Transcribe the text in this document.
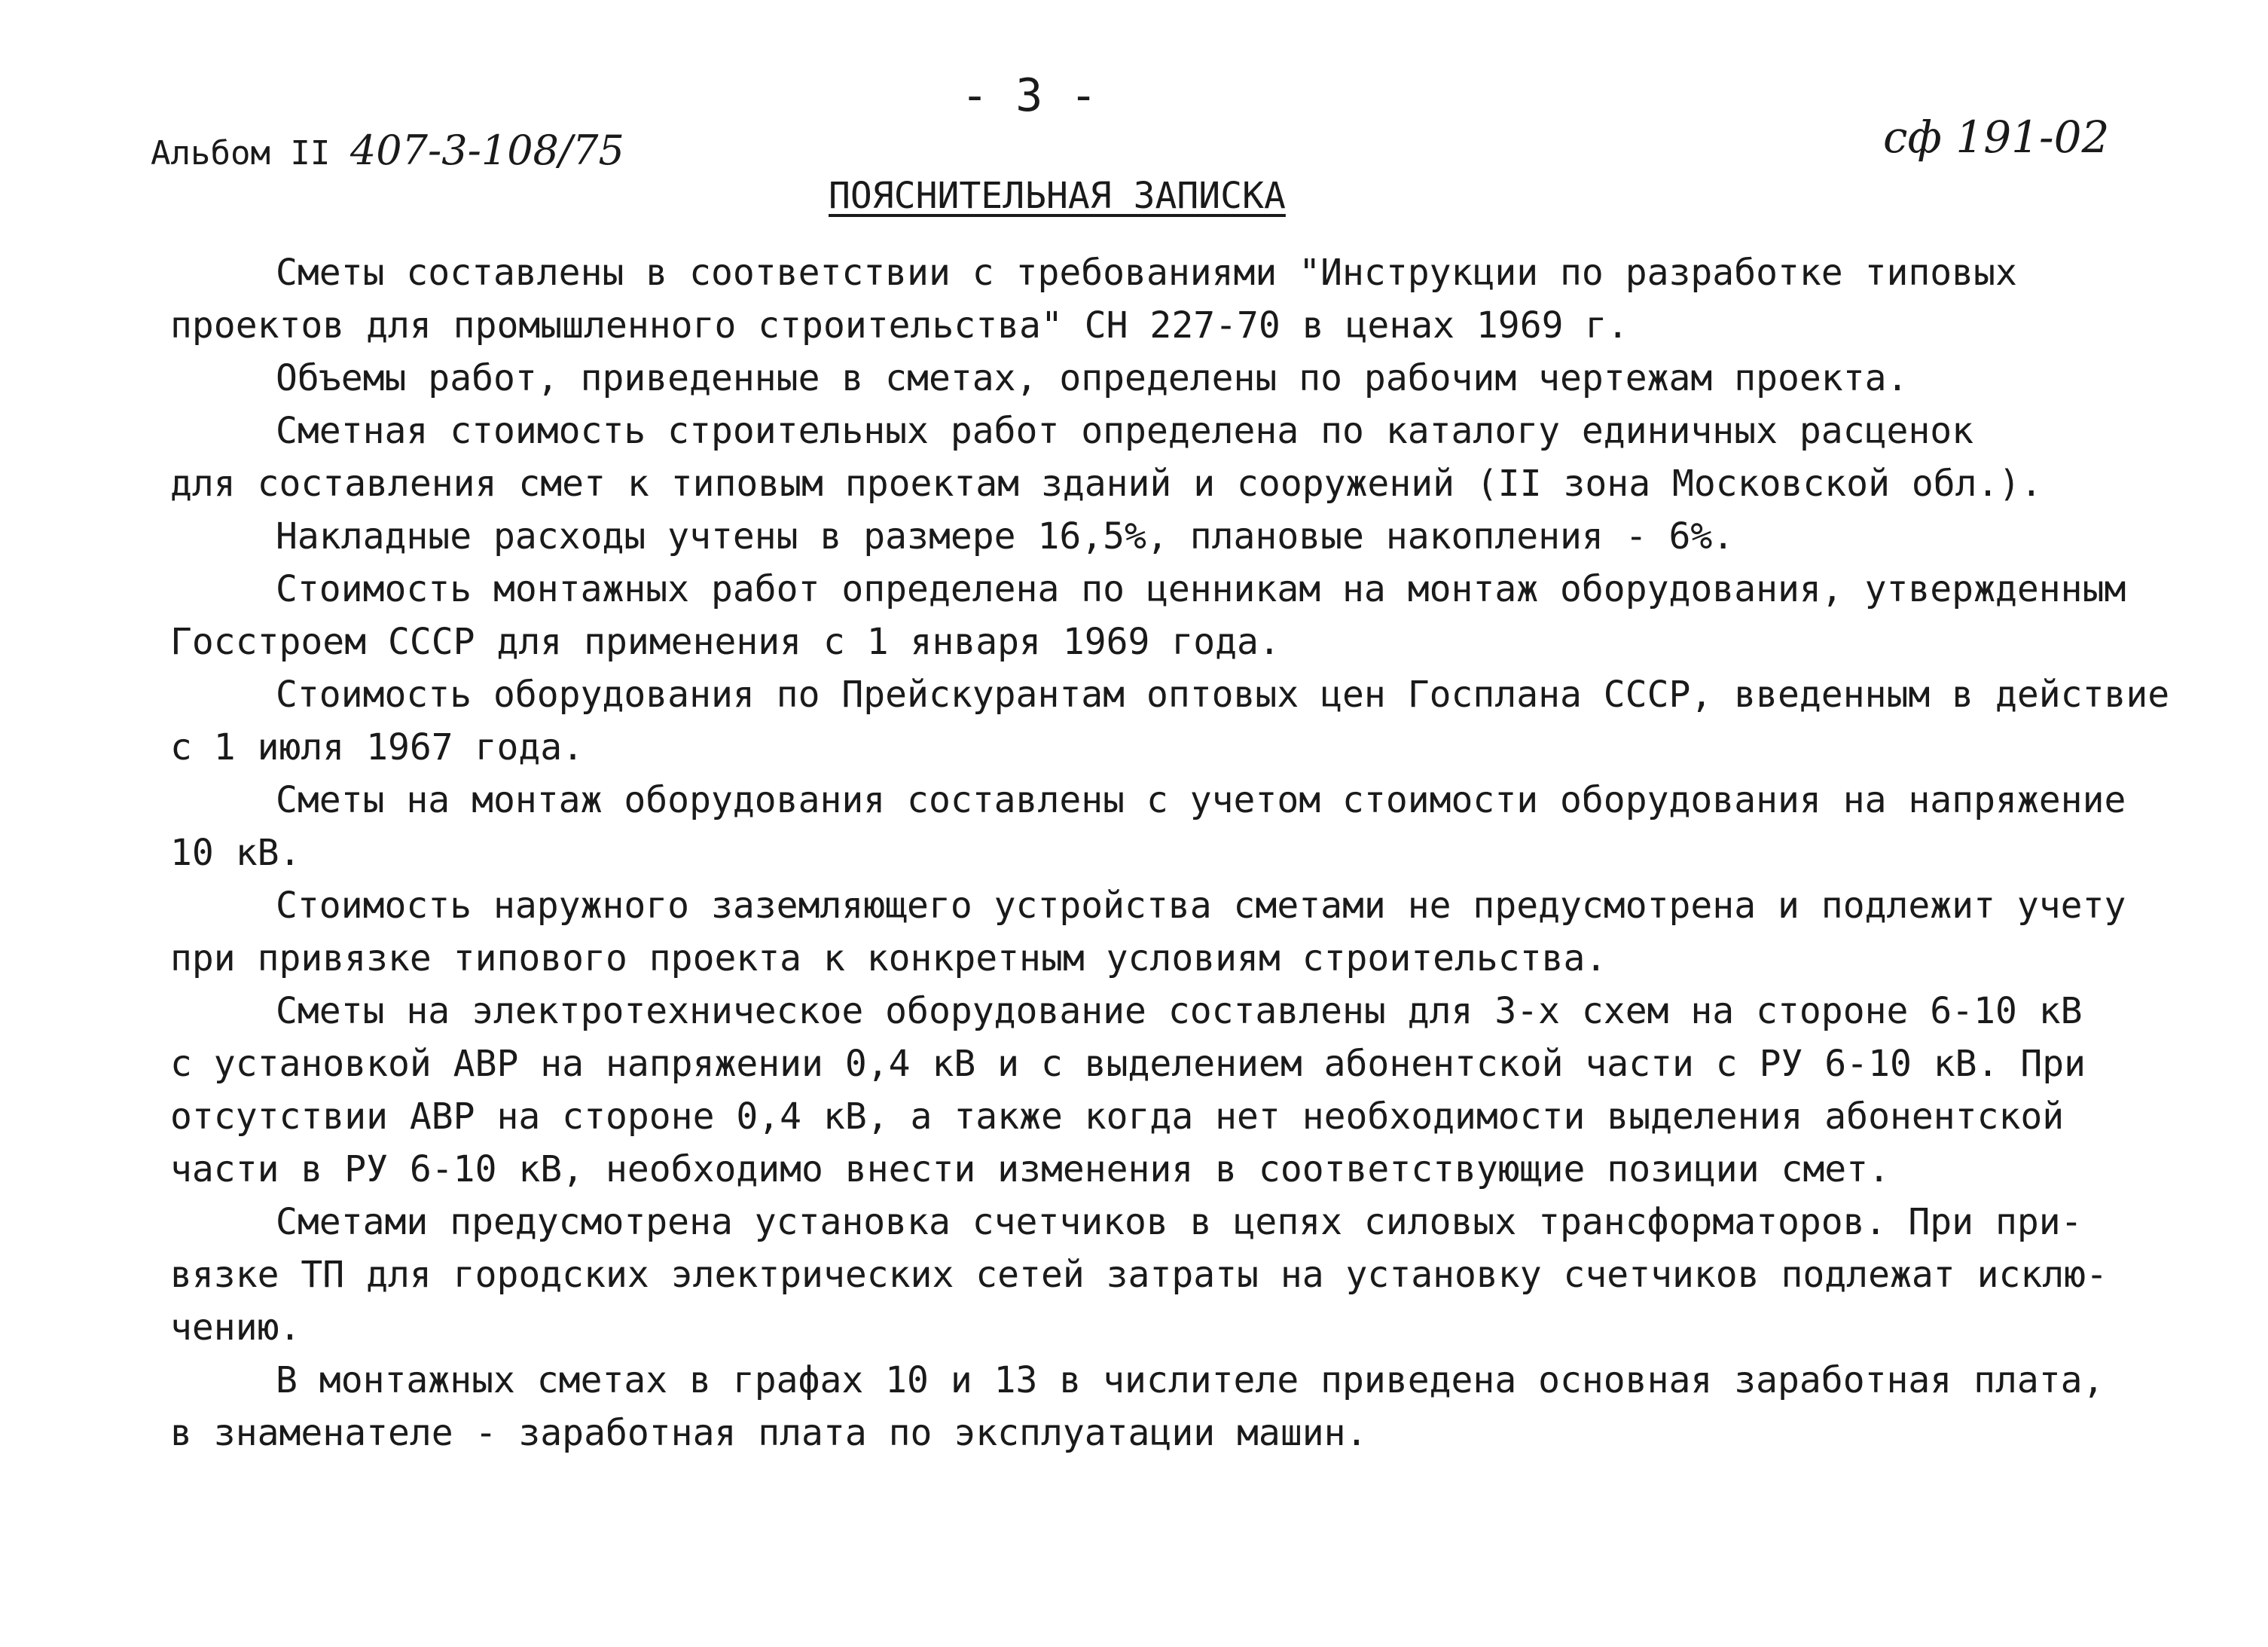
Альбом II 407-3-108/75
- 3 -
сф 191-02
ПОЯСНИТЕЛЬНАЯ ЗАПИСКА
Сметы составлены в соответствии с требованиями "Инструкции по разработке типовых
проектов для промышленного строительства" СН 227-70 в ценах 1969 г.
Объемы работ, приведенные в сметах, определены по рабочим чертежам проекта.
Сметная стоимость строительных работ определена по каталогу единичных расценок
для составления смет к типовым проектам зданий и сооружений (II зона Московской обл.).
Накладные расходы учтены в размере 16,5%, плановые накопления - 6%.
Стоимость монтажных работ определена по ценникам на монтаж оборудования, утвержденным
Госстроем СССР для применения с 1 января 1969 года.
Стоимость оборудования по Прейскурантам оптовых цен Госплана СССР, введенным в действие
с 1 июля 1967 года.
Сметы на монтаж оборудования составлены с учетом стоимости оборудования на напряжение
10 кВ.
Стоимость наружного заземляющего устройства сметами не предусмотрена и подлежит учету
при привязке типового проекта к конкретным условиям строительства.
Сметы на электротехническое оборудование составлены для 3-х схем на стороне 6-10 кВ
с установкой АВР на напряжении 0,4 кВ и с выделением абонентской части с РУ 6-10 кВ. При
отсутствии АВР на стороне 0,4 кВ, а также когда нет необходимости выделения абонентской
части в РУ 6-10 кВ, необходимо внести изменения в соответствующие позиции смет.
Сметами предусмотрена установка счетчиков в цепях силовых трансформаторов. При при-
вязке ТП для городских электрических сетей затраты на установку счетчиков подлежат исклю-
чению.
В монтажных сметах в графах 10 и 13 в числителе приведена основная заработная плата,
в знаменателе - заработная плата по эксплуатации машин.
